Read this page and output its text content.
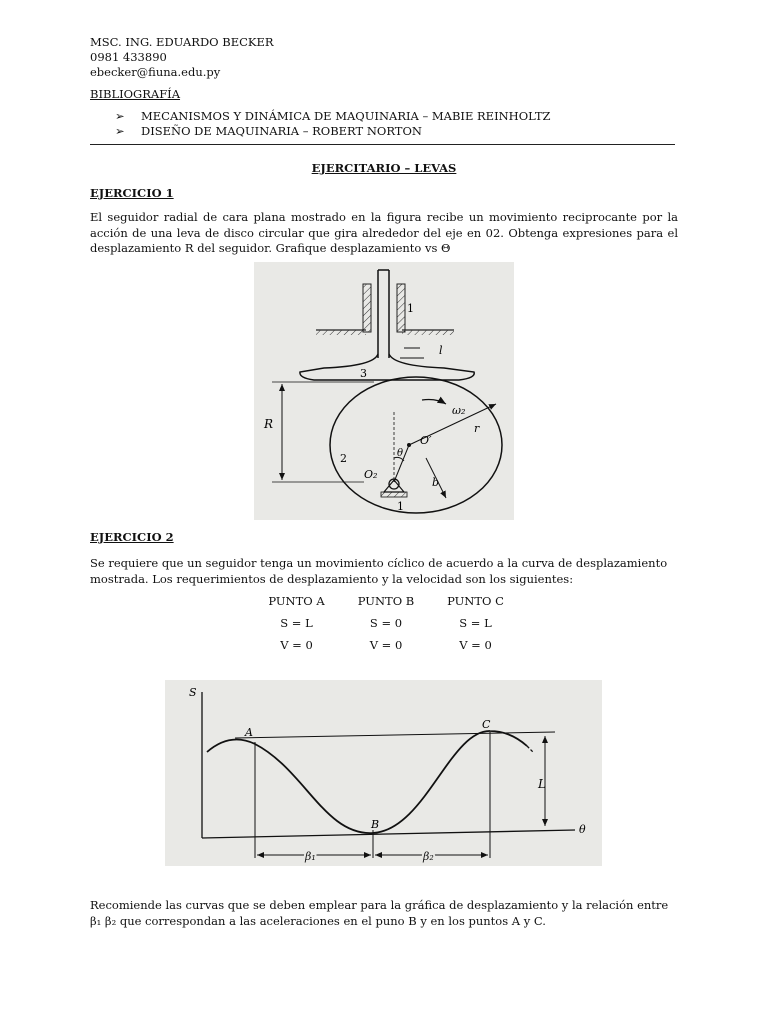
MSC. ING. EDUARDO BECKER
0981 433890
ebecker@fiuna.edu.py
BIBLIOGRAFÍA
➢ MECANISMOS Y DINÁMICA DE MAQUINARIA – MABIE REINHOLTZ
➢ DISEÑO DE MAQUINARIA – ROBERT NORTON
EJERCITARIO – LEVAS
EJERCICIO 1
El seguidor radial de cara plana mostrado en la figura recibe un movimiento reciprocante por la
acción de una leva de disco circular que gira alrededor del eje en 02. Obtenga expresiones para el
desplazamiento R del seguidor. Grafique desplazamiento vs Θ
1
l
3
ω₂
R
O′
r
θ
b
2
O₂
1
EJERCICIO 2
Se requiere que un seguidor tenga un movimiento cíclico de acuerdo a la curva de desplazamiento
mostrada. Los requerimientos de desplazamiento y la velocidad son los siguientes:
PUNTO A	PUNTO B	PUNTO C
S = L	S = 0	S = L
V = 0	V = 0	V = 0
S
θ
A
B
C
L
β₁	β₂
Recomiende las curvas que se deben emplear para la gráfica de desplazamiento y la relación entre
β₁ β₂ que correspondan a las aceleraciones en el puno B y en los puntos A y C.
